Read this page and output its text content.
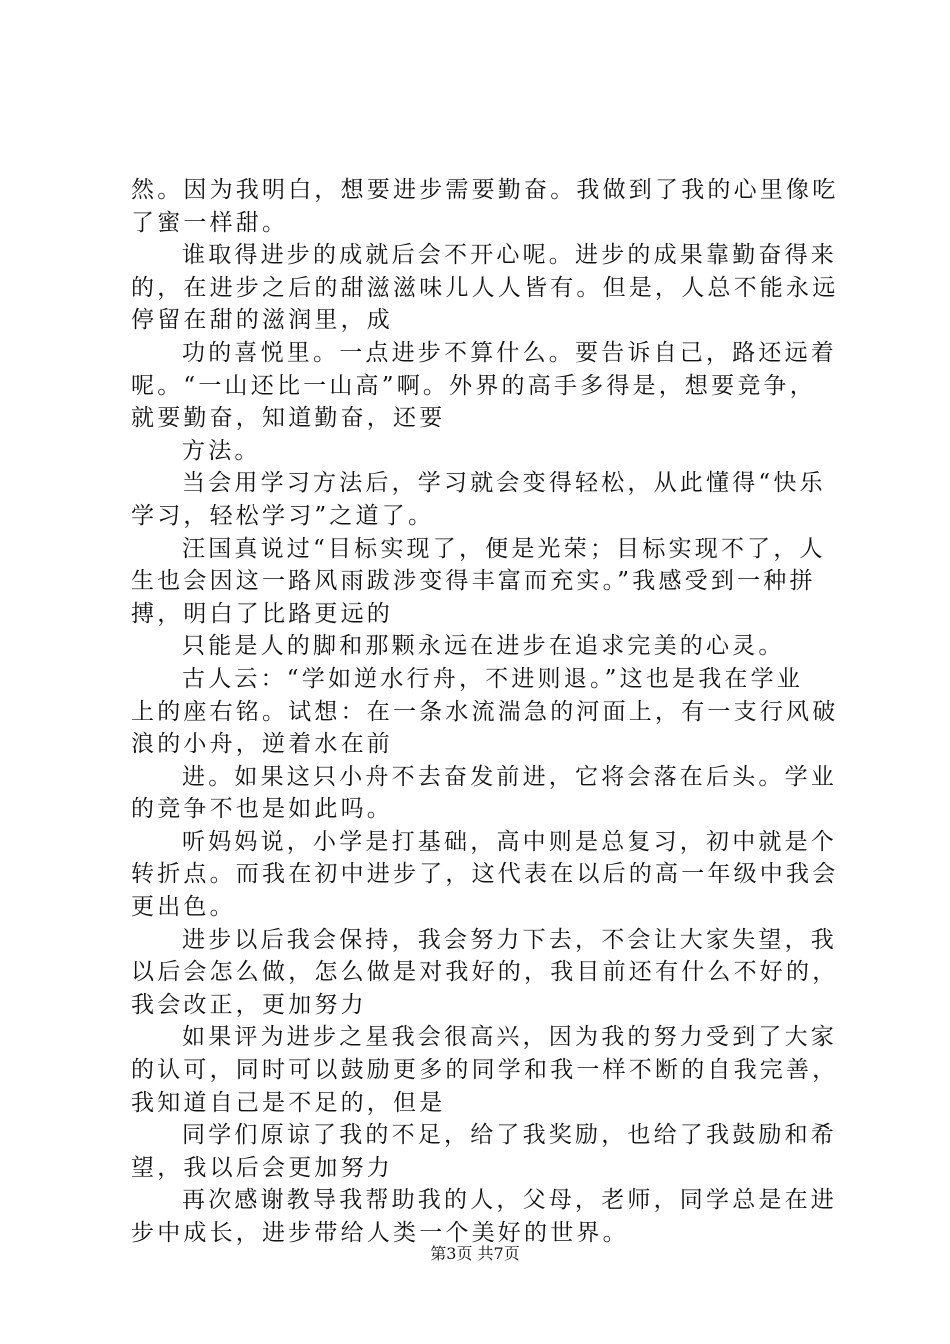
然。因为我明白，想要进步需要勤奋。我做到了我的心里像吃
了蜜一样甜。
谁取得进步的成就后会不开心呢。进步的成果靠勤奋得来
的，在进步之后的甜滋滋味儿人人皆有。但是，人总不能永远
停留在甜的滋润里，成
功的喜悦里。一点进步不算什么。要告诉自己，路还远着
呢。“一山还比一山高”啊。外界的高手多得是，想要竞争，
就要勤奋，知道勤奋，还要
方法。
当会用学习方法后，学习就会变得轻松，从此懂得“快乐
学习，轻松学习”之道了。
汪国真说过“目标实现了，便是光荣；目标实现不了，人
生也会因这一路风雨跋涉变得丰富而充实。”我感受到一种拼
搏，明白了比路更远的
只能是人的脚和那颗永远在进步在追求完美的心灵。
古人云：“学如逆水行舟，不进则退。”这也是我在学业
上的座右铭。试想：在一条水流湍急的河面上，有一支行风破
浪的小舟，逆着水在前
进。如果这只小舟不去奋发前进，它将会落在后头。学业
的竞争不也是如此吗。
听妈妈说，小学是打基础，高中则是总复习，初中就是个
转折点。而我在初中进步了，这代表在以后的高一年级中我会
更出色。
进步以后我会保持，我会努力下去，不会让大家失望，我
以后会怎么做，怎么做是对我好的，我目前还有什么不好的，
我会改正，更加努力
如果评为进步之星我会很高兴，因为我的努力受到了大家
的认可，同时可以鼓励更多的同学和我一样不断的自我完善，
我知道自己是不足的，但是
同学们原谅了我的不足，给了我奖励，也给了我鼓励和希
望，我以后会更加努力
再次感谢教导我帮助我的人，父母，老师，同学总是在进
步中成长，进步带给人类一个美好的世界。
第3页 共7页
